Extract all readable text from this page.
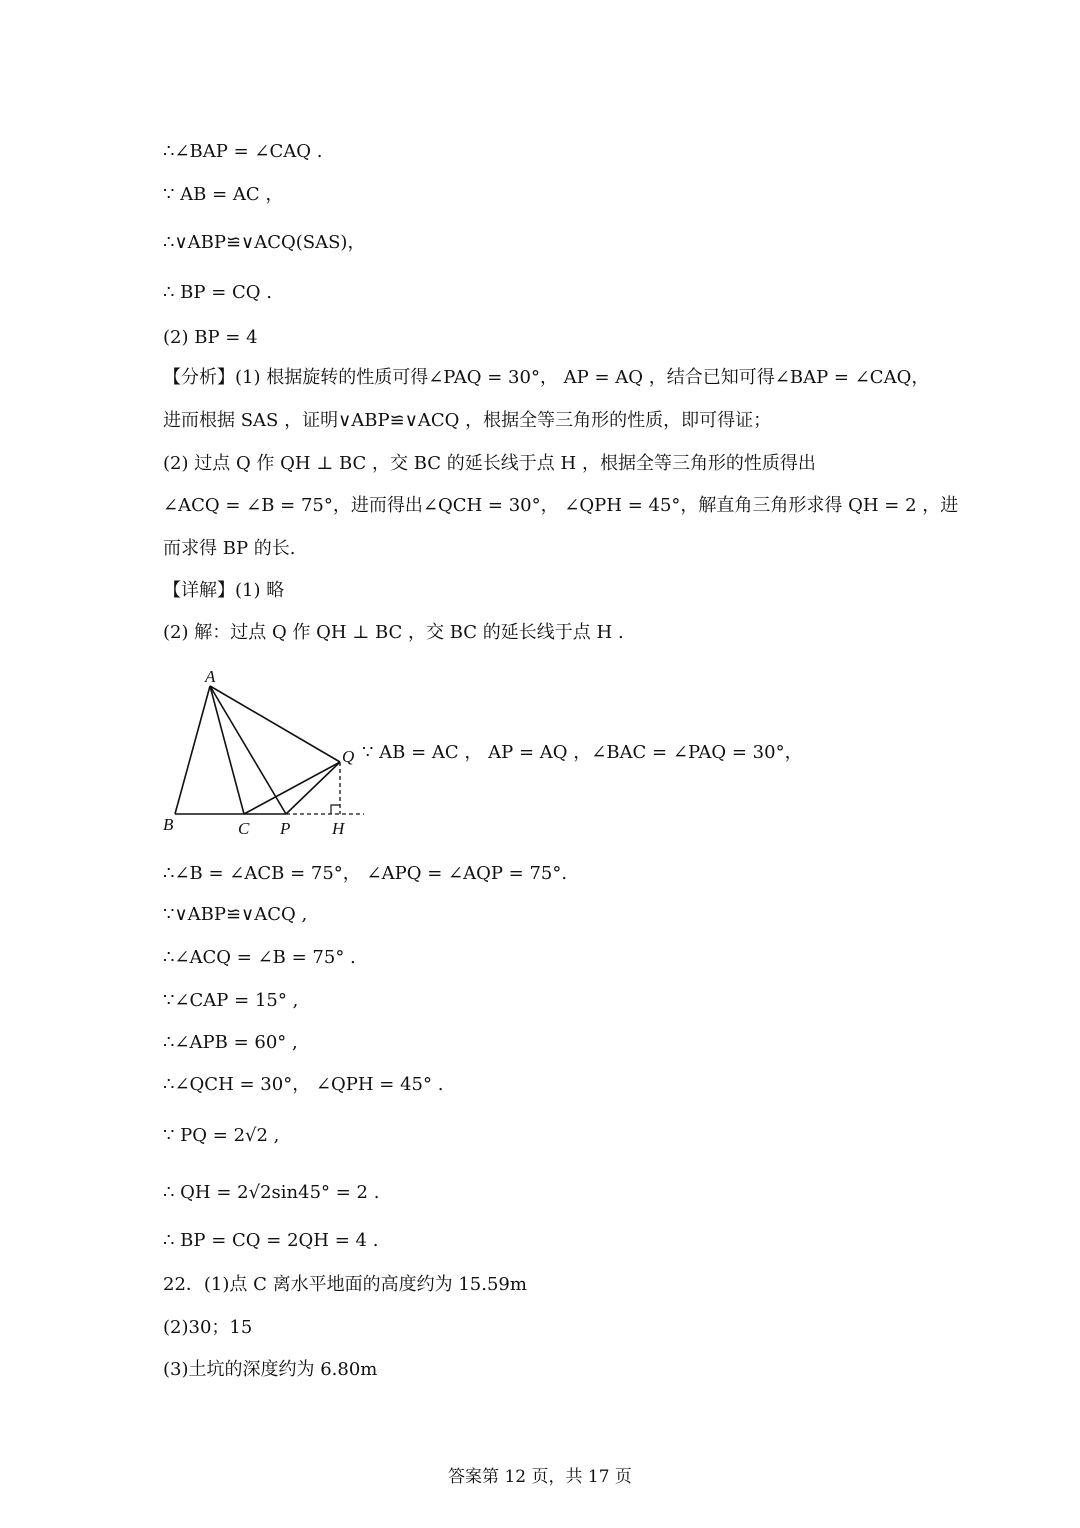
∴∠BAP = ∠CAQ .
∵ AB = AC ，
∴∨ABP≌∨ACQ(SAS)，
∴ BP = CQ .
(2) BP = 4
【分析】(1) 根据旋转的性质可得∠PAQ = 30°， AP = AQ ，结合已知可得∠BAP = ∠CAQ，
进而根据 SAS ，证明∨ABP≌∨ACQ ，根据全等三角形的性质，即可得证；
(2) 过点 Q 作 QH ⊥ BC ，交 BC 的延长线于点 H ，根据全等三角形的性质得出
∠ACQ = ∠B = 75°，进而得出∠QCH = 30°， ∠QPH = 45°，解直角三角形求得 QH = 2 ，进
而求得 BP 的长.
【详解】(1) 略
(2) 解：过点 Q 作 QH ⊥ BC ，交 BC 的延长线于点 H .
A
B	C P
Q
H
∵ AB = AC ， AP = AQ ，∠BAC = ∠PAQ = 30°，
∴∠B = ∠ACB = 75°， ∠APQ = ∠AQP = 75°.
∵∨ABP≌∨ACQ ,
∴∠ACQ = ∠B = 75° .
∵∠CAP = 15° ,
∴∠APB = 60° ,
∴∠QCH = 30°， ∠QPH = 45° .
∵ PQ = 2√2 ,
∴ QH = 2√2sin45° = 2 .
∴ BP = CQ = 2QH = 4 .
22．(1)点 C 离水平地面的高度约为 15.59m
(2)30；15
(3)土坑的深度约为 6.80m
答案第 12 页，共 17 页
